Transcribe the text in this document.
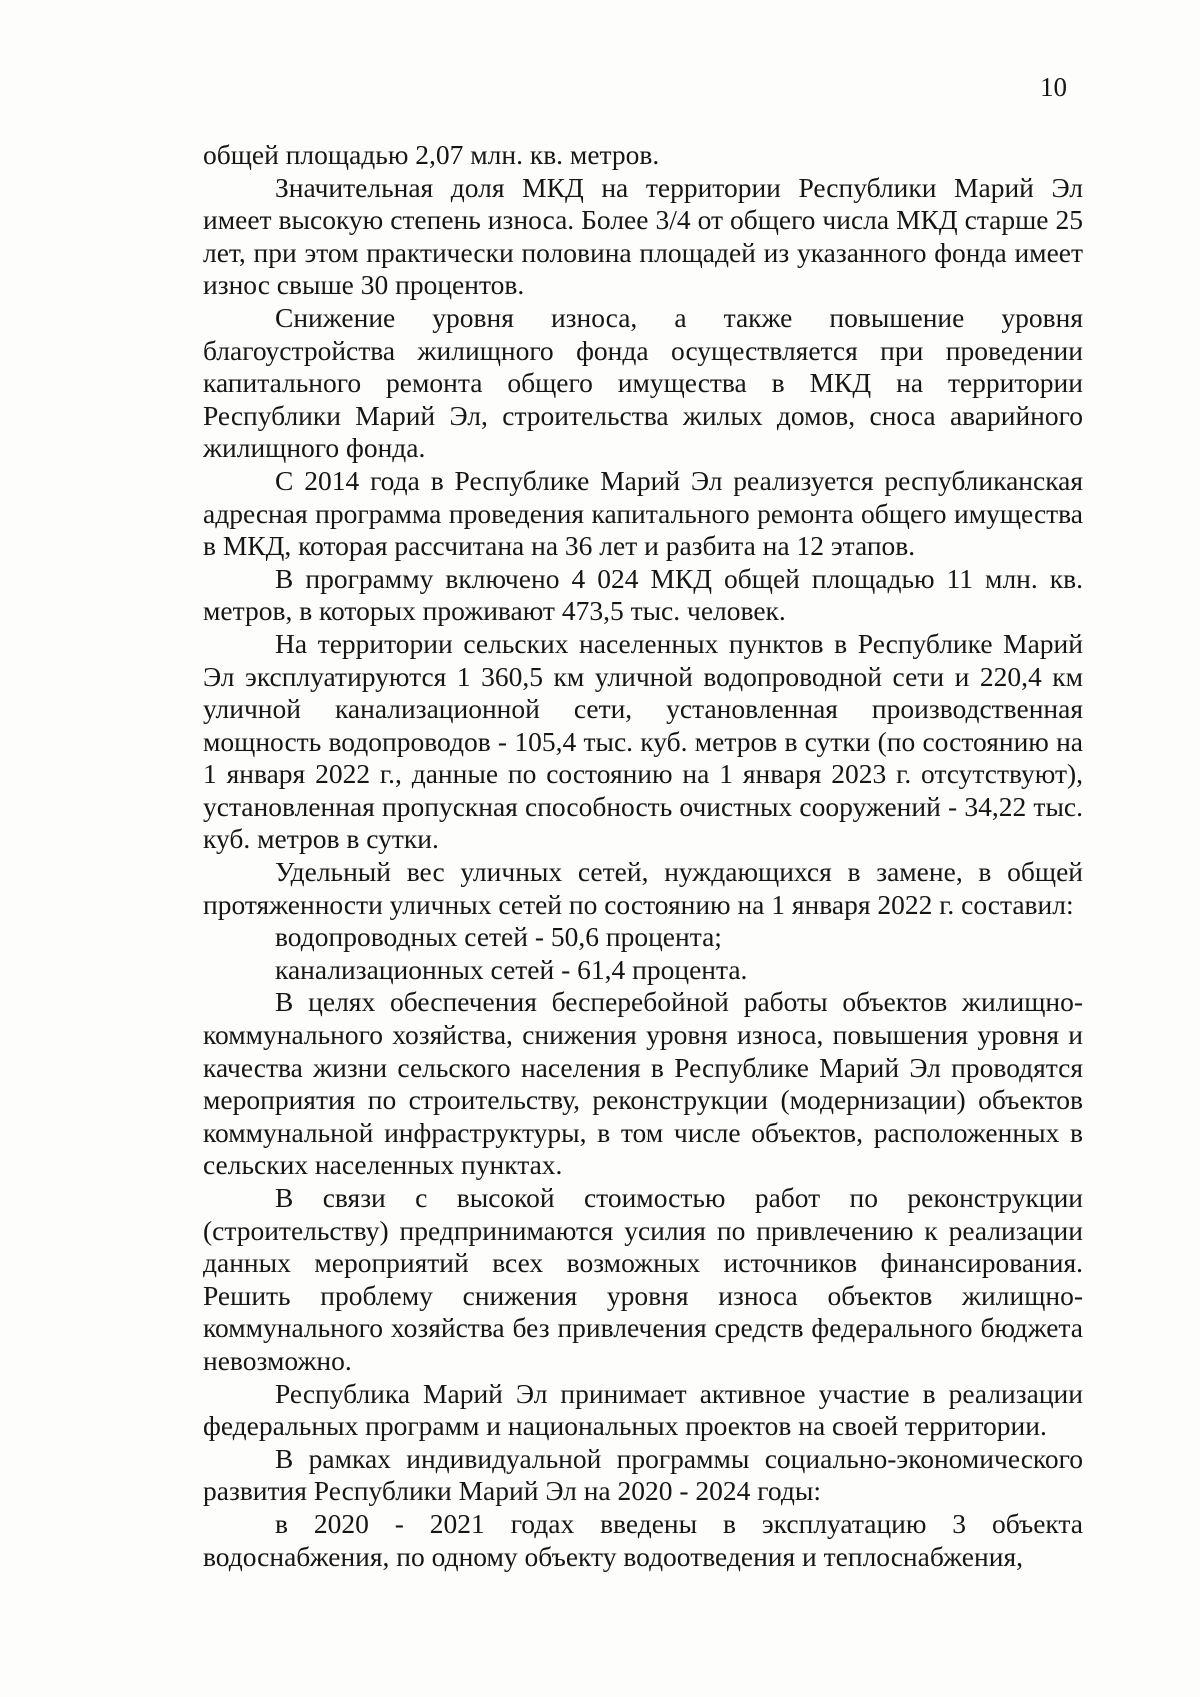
10

общей площадью 2,07 млн. кв. метров.

Значительная доля МКД на территории Республики Марий Эл имеет высокую степень износа. Более 3/4 от общего числа МКД старше 25 лет, при этом практически половина площадей из указанного фонда имеет износ свыше 30 процентов.

Снижение уровня износа, а также повышение уровня благоустройства жилищного фонда осуществляется при проведении капитального ремонта общего имущества в МКД на территории Республики Марий Эл, строительства жилых домов, сноса аварийного жилищного фонда.

С 2014 года в Республике Марий Эл реализуется республиканская адресная программа проведения капитального ремонта общего имущества в МКД, которая рассчитана на 36 лет и разбита на 12 этапов.

В программу включено 4 024 МКД общей площадью 11 млн. кв. метров, в которых проживают 473,5 тыс. человек.

На территории сельских населенных пунктов в Республике Марий Эл эксплуатируются 1 360,5 км уличной водопроводной сети и 220,4 км уличной канализационной сети, установленная производственная мощность водопроводов - 105,4 тыс. куб. метров в сутки (по состоянию на 1 января 2022 г., данные по состоянию на 1 января 2023 г. отсутствуют), установленная пропускная способность очистных сооружений - 34,22 тыс. куб. метров в сутки.

Удельный вес уличных сетей, нуждающихся в замене, в общей протяженности уличных сетей по состоянию на 1 января 2022 г. составил:

водопроводных сетей - 50,6 процента;

канализационных сетей - 61,4 процента.

В целях обеспечения бесперебойной работы объектов жилищно-коммунального хозяйства, снижения уровня износа, повышения уровня и качества жизни сельского населения в Республике Марий Эл проводятся мероприятия по строительству, реконструкции (модернизации) объектов коммунальной инфраструктуры, в том числе объектов, расположенных в сельских населенных пунктах.

В связи с высокой стоимостью работ по реконструкции (строительству) предпринимаются усилия по привлечению к реализации данных мероприятий всех возможных источников финансирования. Решить проблему снижения уровня износа объектов жилищно-коммунального хозяйства без привлечения средств федерального бюджета невозможно.

Республика Марий Эл принимает активное участие в реализации федеральных программ и национальных проектов на своей территории.

В рамках индивидуальной программы социально-экономического развития Республики Марий Эл на 2020 - 2024 годы:

в 2020 - 2021 годах введены в эксплуатацию 3 объекта водоснабжения, по одному объекту водоотведения и теплоснабжения,
